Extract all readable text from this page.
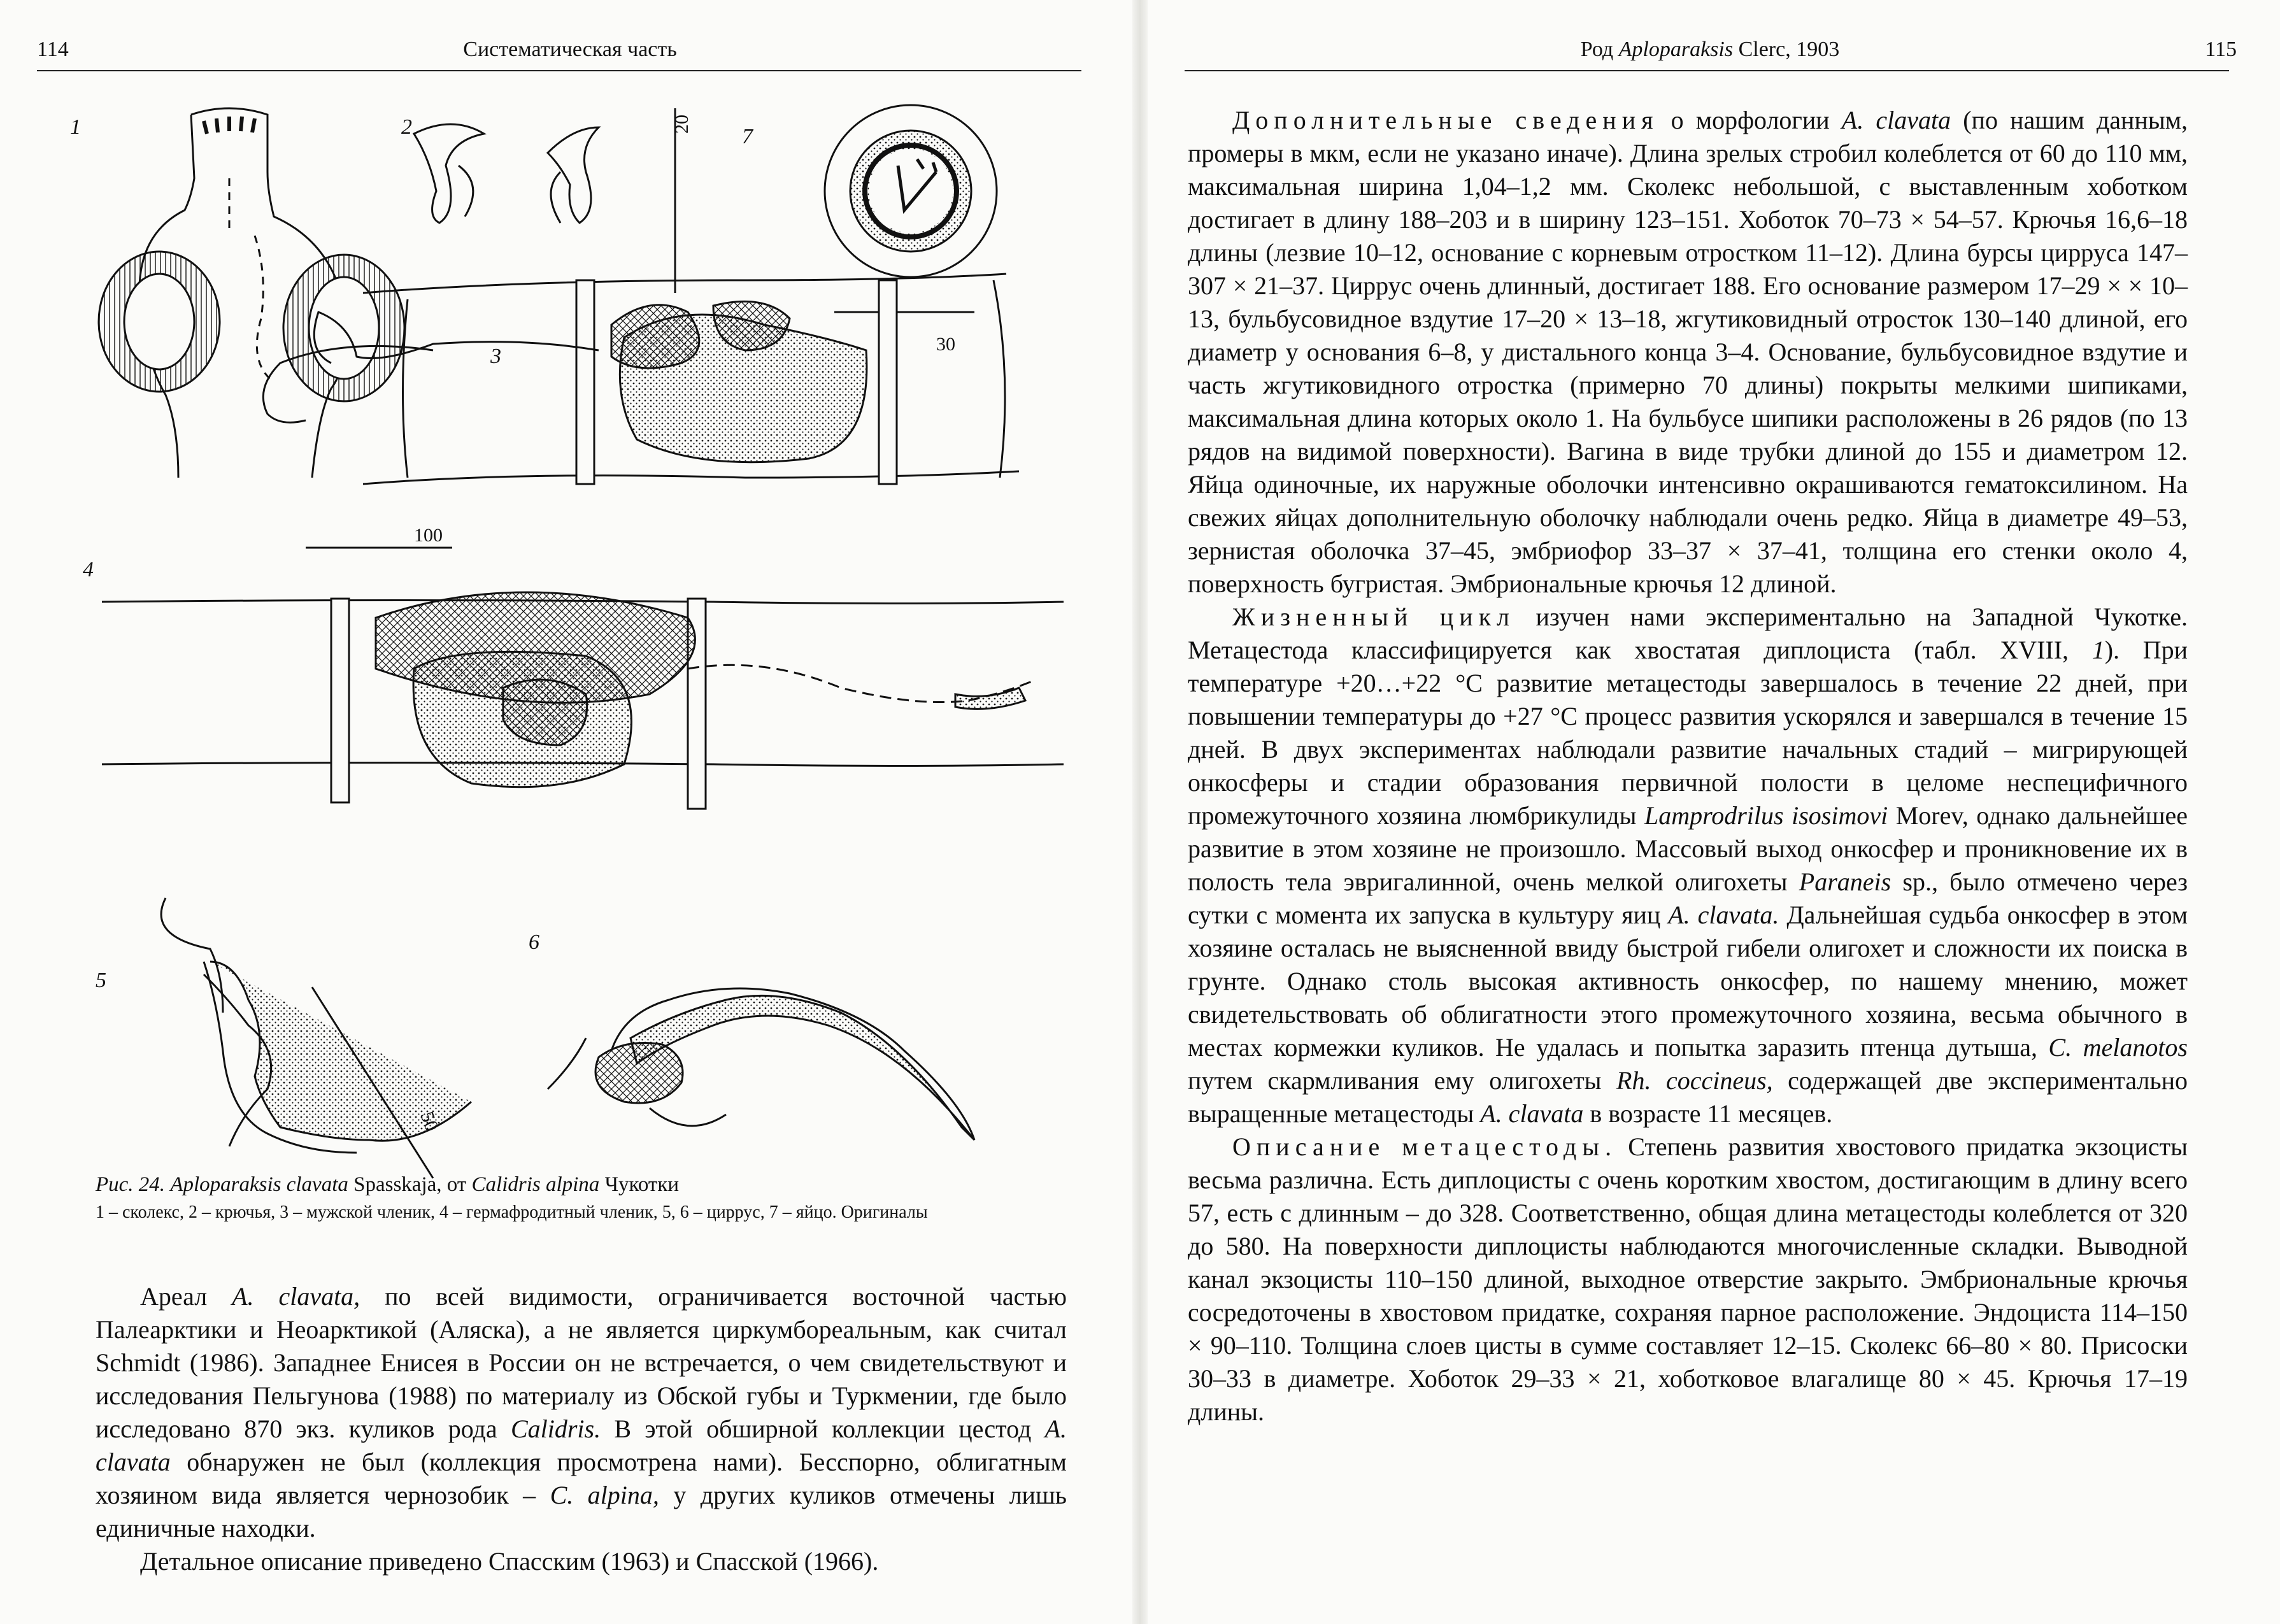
114	Систематическая часть
1	2
3
4
5
6
7
20
30
100
50
Рис. 24. Aploparaksis clavata Spasskaja, от Calidris alpina Чукотки
1 – сколекс, 2 – крючья, 3 – мужской членик, 4 – гермафродитный членик, 5, 6 – циррус, 7 – яйцо. Оригиналы

Ареал A. clavata, по всей видимости, ограничивается восточной частью Палеарктики и Неоарктикой (Аляска), а не является циркумбореальным, как считал Schmidt (1986). Западнее Енисея в России он не встречается, о чем свидетельствуют и исследования Пельгунова (1988) по материалу из Обской губы и Туркмении, где было исследовано 870 экз. куликов рода Calidris. В этой обширной коллекции цестод A. clavata обнаружен не был (коллекция просмотрена нами). Бесспорно, облигатным хозяином вида является чернозобик – C. alpina, у других куликов отмечены лишь единичные находки.

Детальное описание приведено Спасским (1963) и Спасской (1966).

Род Aploparaksis Clerc, 1903	115

Дополнительные сведения о морфологии A. clavata (по нашим данным, промеры в мкм, если не указано иначе). Длина зрелых стробил колеблется от 60 до 110 мм, максимальная ширина 1,04–1,2 мм. Сколекс небольшой, с выставленным хоботком достигает в длину 188–203 и в ширину 123–151. Хоботок 70–73 × 54–57. Крючья 16,6–18 длины (лезвие 10–12, основание с корневым отростком 11–12). Длина бурсы цирруса 147–307 × 21–37. Циррус очень длинный, достигает 188. Его основание размером 17–29 × × 10–13, бульбусовидное вздутие 17–20 × 13–18, жгутиковидный отросток 130–140 длиной, его диаметр у основания 6–8, у дистального конца 3–4. Основание, бульбусовидное вздутие и часть жгутиковидного отростка (примерно 70 длины) покрыты мелкими шипиками, максимальная длина которых около 1. На бульбусе шипики расположены в 26 рядов (по 13 рядов на видимой поверхности). Вагина в виде трубки длиной до 155 и диаметром 12. Яйца одиночные, их наружные оболочки интенсивно окрашиваются гематоксилином. На свежих яйцах дополнительную оболочку наблюдали очень редко. Яйца в диаметре 49–53, зернистая оболочка 37–45, эмбриофор 33–37 × 37–41, толщина его стенки около 4, поверхность бугристая. Эмбриональные крючья 12 длиной.

Жизненный цикл изучен нами экспериментально на Западной Чукотке. Метацестода классифицируется как хвостатая диплоциста (табл. XVIII, 1). При температуре +20…+22 °С развитие метацестоды завершалось в течение 22 дней, при повышении температуры до +27 °С процесс развития ускорялся и завершался в течение 15 дней. В двух экспериментах наблюдали развитие начальных стадий – мигрирующей онкосферы и стадии образования первичной полости в целоме неспецифичного промежуточного хозяина люмбрикулиды Lamprodrilus isosimovi Morev, однако дальнейшее развитие в этом хозяине не произошло. Массовый выход онкосфер и проникновение их в полость тела эвригалинной, очень мелкой олигохеты Paraneis sp., было отмечено через сутки с момента их запуска в культуру яиц A. clavata. Дальнейшая судьба онкосфер в этом хозяине осталась не выясненной ввиду быстрой гибели олигохет и сложности их поиска в грунте. Однако столь высокая активность онкосфер, по нашему мнению, может свидетельствовать об облигатности этого промежуточного хозяина, весьма обычного в местах кормежки куликов. Не удалась и попытка заразить птенца дутыша, C. melanotos путем скармливания ему олигохеты Rh. coccineus, содержащей две экспериментально выращенные метацестоды A. clavata в возрасте 11 месяцев.

Описание метацестоды. Степень развития хвостового придатка экзоцисты весьма различна. Есть диплоцисты с очень коротким хвостом, достигающим в длину всего 57, есть с длинным – до 328. Соответственно, общая длина метацестоды колеблется от 320 до 580. На поверхности диплоцисты наблюдаются многочисленные складки. Выводной канал экзоцисты 110–150 длиной, выходное отверстие закрыто. Эмбриональные крючья сосредоточены в хвостовом придатке, сохраняя парное расположение. Эндоциста 114–150 × 90–110. Толщина слоев цисты в сумме составляет 12–15. Сколекс 66–80 × 80. Присоски 30–33 в диаметре. Хоботок 29–33 × 21, хоботковое влагалище 80 × 45. Крючья 17–19 длины.
